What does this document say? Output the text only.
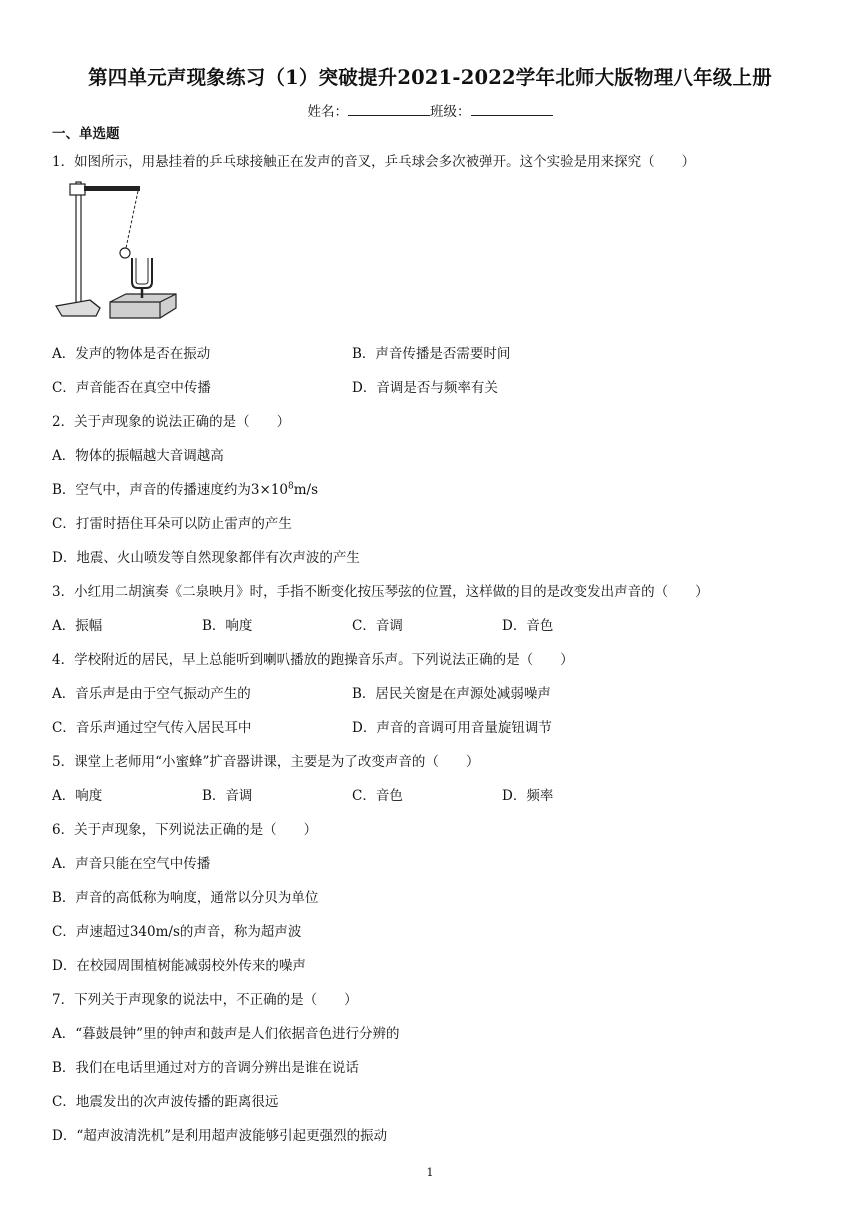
第四单元声现象练习（1）突破提升2021-2022学年北师大版物理八年级上册
姓名：	班级：
一、单选题
1．如图所示，用悬挂着的乒乓球接触正在发声的音叉，乒乓球会多次被弹开。这个实验是用来探究（　　）
A．发声的物体是否在振动	B．声音传播是否需要时间
C．声音能否在真空中传播	D．音调是否与频率有关
2．关于声现象的说法正确的是（　　）
A．物体的振幅越大音调越高
B．空气中，声音的传播速度约为$3\times 10^8m/s$
C．打雷时捂住耳朵可以防止雷声的产生
D．地震、火山喷发等自然现象都伴有次声波的产生
3．小红用二胡演奏《二泉映月》时，手指不断变化按压琴弦的位置，这样做的目的是改变发出声音的（　　）
A．振幅	B．响度	C．音调	D．音色
4．学校附近的居民，早上总能听到喇叭播放的跑操音乐声。下列说法正确的是（　　）
A．音乐声是由于空气振动产生的	B．居民关窗是在声源处减弱噪声
C．音乐声通过空气传入居民耳中	D．声音的音调可用音量旋钮调节
5．课堂上老师用“小蜜蜂”扩音器讲课，主要是为了改变声音的（　　）
A．响度	B．音调	C．音色	D．频率
6．关于声现象，下列说法正确的是（　　）
A．声音只能在空气中传播
B．声音的高低称为响度，通常以分贝为单位
C．声速超过340m/s的声音，称为超声波
D．在校园周围植树能减弱校外传来的噪声
7．下列关于声现象的说法中，不正确的是（　　）
A．“暮鼓晨钟”里的钟声和鼓声是人们依据音色进行分辨的
B．我们在电话里通过对方的音调分辨出是谁在说话
C．地震发出的次声波传播的距离很远
D．“超声波清洗机”是利用超声波能够引起更强烈的振动
1
